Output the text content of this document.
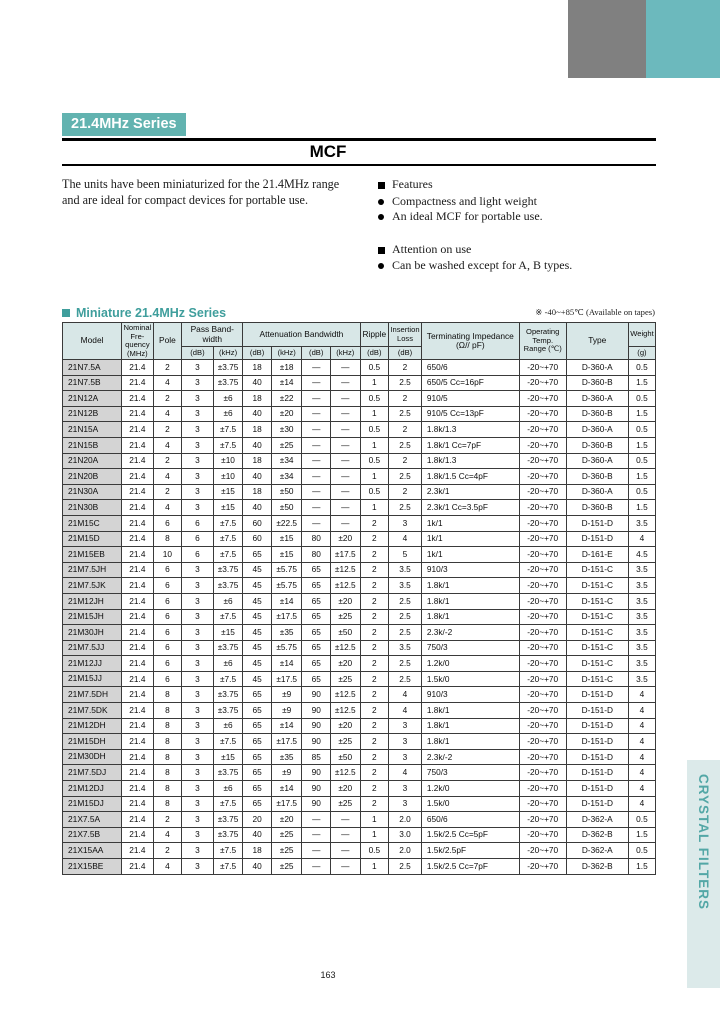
21.4MHz Series
MCF
The units have been miniaturized for the 21.4MHz range
and are ideal for compact devices for portable use.
Features
Compactness and light weight
An ideal MCF for portable use.
Attention on use
Can be washed except for A, B types.
Miniature 21.4MHz Series	※ -40~+85℃ (Available on tapes)
Model	Nominal Fre-quency (MHz)	Pole	Pass Band-width		Attenuation Bandwidth				Ripple	Insertion Loss	Terminating Impedance (Ω// pF)	Operating Temp. Range (℃)	Type	Weight
			(dB)	(kHz)	(dB)	(kHz)	(dB)	(kHz)	(dB)	(dB)				(g)
21N7.5A	21.4	2	3	±3.75	18	±18	—	—	0.5	2	650/6	-20~+70	D-360-A	0.5
21N7.5B	21.4	4	3	±3.75	40	±14	—	—	1	2.5	650/5 Cc=16pF	-20~+70	D-360-B	1.5
21N12A	21.4	2	3	±6	18	±22	—	—	0.5	2	910/5	-20~+70	D-360-A	0.5
21N12B	21.4	4	3	±6	40	±20	—	—	1	2.5	910/5 Cc=13pF	-20~+70	D-360-B	1.5
21N15A	21.4	2	3	±7.5	18	±30	—	—	0.5	2	1.8k/1.3	-20~+70	D-360-A	0.5
21N15B	21.4	4	3	±7.5	40	±25	—	—	1	2.5	1.8k/1 Cc=7pF	-20~+70	D-360-B	1.5
21N20A	21.4	2	3	±10	18	±34	—	—	0.5	2	1.8k/1.3	-20~+70	D-360-A	0.5
21N20B	21.4	4	3	±10	40	±34	—	—	1	2.5	1.8k/1.5 Cc=4pF	-20~+70	D-360-B	1.5
21N30A	21.4	2	3	±15	18	±50	—	—	0.5	2	2.3k/1	-20~+70	D-360-A	0.5
21N30B	21.4	4	3	±15	40	±50	—	—	1	2.5	2.3k/1 Cc=3.5pF	-20~+70	D-360-B	1.5
21M15C	21.4	6	6	±7.5	60	±22.5	—	—	2	3	1k/1	-20~+70	D-151-D	3.5
21M15D	21.4	8	6	±7.5	60	±15	80	±20	2	4	1k/1	-20~+70	D-151-D	4
21M15EB	21.4	10	6	±7.5	65	±15	80	±17.5	2	5	1k/1	-20~+70	D-161-E	4.5
21M7.5JH	21.4	6	3	±3.75	45	±5.75	65	±12.5	2	3.5	910/3	-20~+70	D-151-C	3.5
21M7.5JK	21.4	6	3	±3.75	45	±5.75	65	±12.5	2	3.5	1.8k/1	-20~+70	D-151-C	3.5
21M12JH	21.4	6	3	±6	45	±14	65	±20	2	2.5	1.8k/1	-20~+70	D-151-C	3.5
21M15JH	21.4	6	3	±7.5	45	±17.5	65	±25	2	2.5	1.8k/1	-20~+70	D-151-C	3.5
21M30JH	21.4	6	3	±15	45	±35	65	±50	2	2.5	2.3k/-2	-20~+70	D-151-C	3.5
21M7.5JJ	21.4	6	3	±3.75	45	±5.75	65	±12.5	2	3.5	750/3	-20~+70	D-151-C	3.5
21M12JJ	21.4	6	3	±6	45	±14	65	±20	2	2.5	1.2k/0	-20~+70	D-151-C	3.5
21M15JJ	21.4	6	3	±7.5	45	±17.5	65	±25	2	2.5	1.5k/0	-20~+70	D-151-C	3.5
21M7.5DH	21.4	8	3	±3.75	65	±9	90	±12.5	2	4	910/3	-20~+70	D-151-D	4
21M7.5DK	21.4	8	3	±3.75	65	±9	90	±12.5	2	4	1.8k/1	-20~+70	D-151-D	4
21M12DH	21.4	8	3	±6	65	±14	90	±20	2	3	1.8k/1	-20~+70	D-151-D	4
21M15DH	21.4	8	3	±7.5	65	±17.5	90	±25	2	3	1.8k/1	-20~+70	D-151-D	4
21M30DH	21.4	8	3	±15	65	±35	85	±50	2	3	2.3k/-2	-20~+70	D-151-D	4
21M7.5DJ	21.4	8	3	±3.75	65	±9	90	±12.5	2	4	750/3	-20~+70	D-151-D	4
21M12DJ	21.4	8	3	±6	65	±14	90	±20	2	3	1.2k/0	-20~+70	D-151-D	4
21M15DJ	21.4	8	3	±7.5	65	±17.5	90	±25	2	3	1.5k/0	-20~+70	D-151-D	4
21X7.5A	21.4	2	3	±3.75	20	±20	—	—	1	2.0	650/6	-20~+70	D-362-A	0.5
21X7.5B	21.4	4	3	±3.75	40	±25	—	—	1	3.0	1.5k/2.5 Cc=5pF	-20~+70	D-362-B	1.5
21X15AA	21.4	2	3	±7.5	18	±25	—	—	0.5	2.0	1.5k/2.5pF	-20~+70	D-362-A	0.5
21X15BE	21.4	4	3	±7.5	40	±25	—	—	1	2.5	1.5k/2.5 Cc=7pF	-20~+70	D-362-B	1.5
163
CRYSTAL FILTERS
